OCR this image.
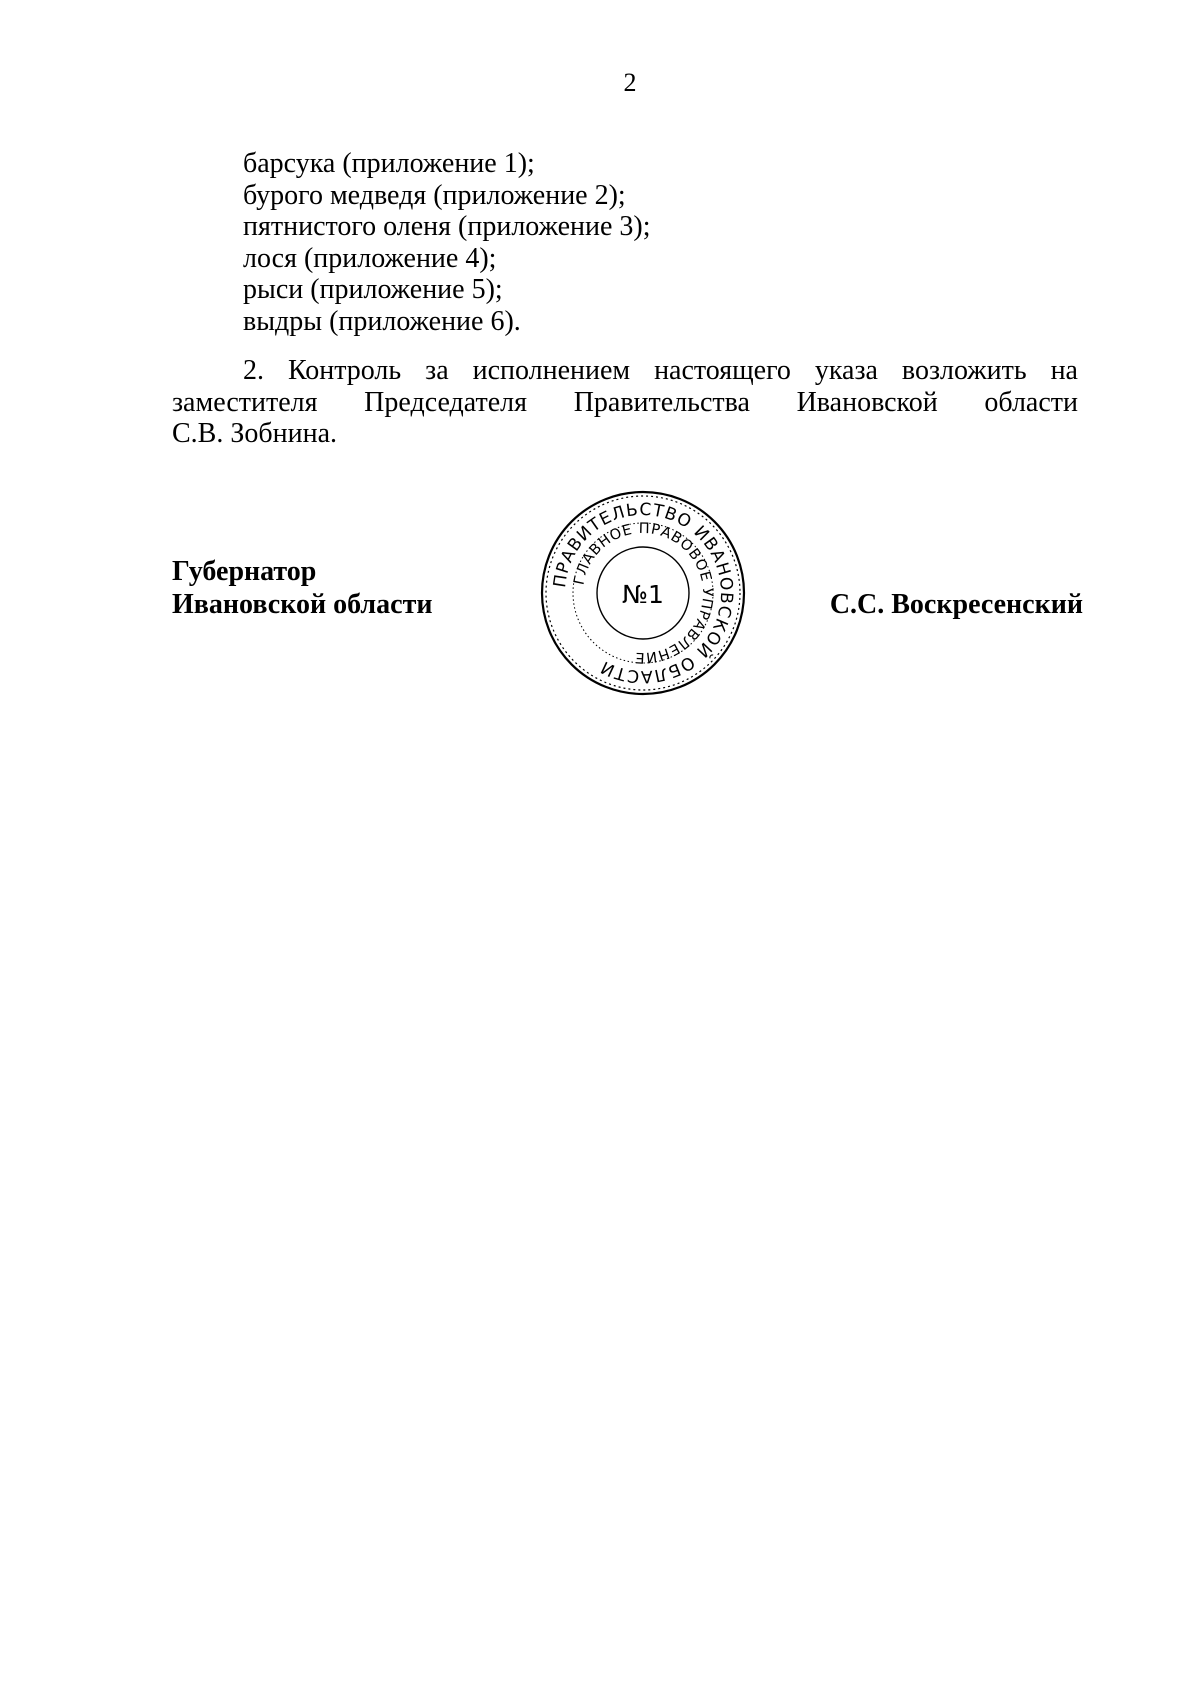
2
барсука (приложение 1);
бурого медведя (приложение 2);
пятнистого оленя (приложение 3);
лося (приложение 4);
рыси (приложение 5);
выдры (приложение 6).
2. Контроль за исполнением настоящего указа возложить на
заместителя Председателя Правительства Ивановской области
С.В. Зобнина.
Губернатор
Ивановской области
ПРАВИТЕЛЬСТВО ИВАНОВСКОЙ ОБЛАСТИ
ГЛАВНОЕ ПРАВОВОЕ УПРАВЛЕНИЕ
№1	С.С. Воскресенский
